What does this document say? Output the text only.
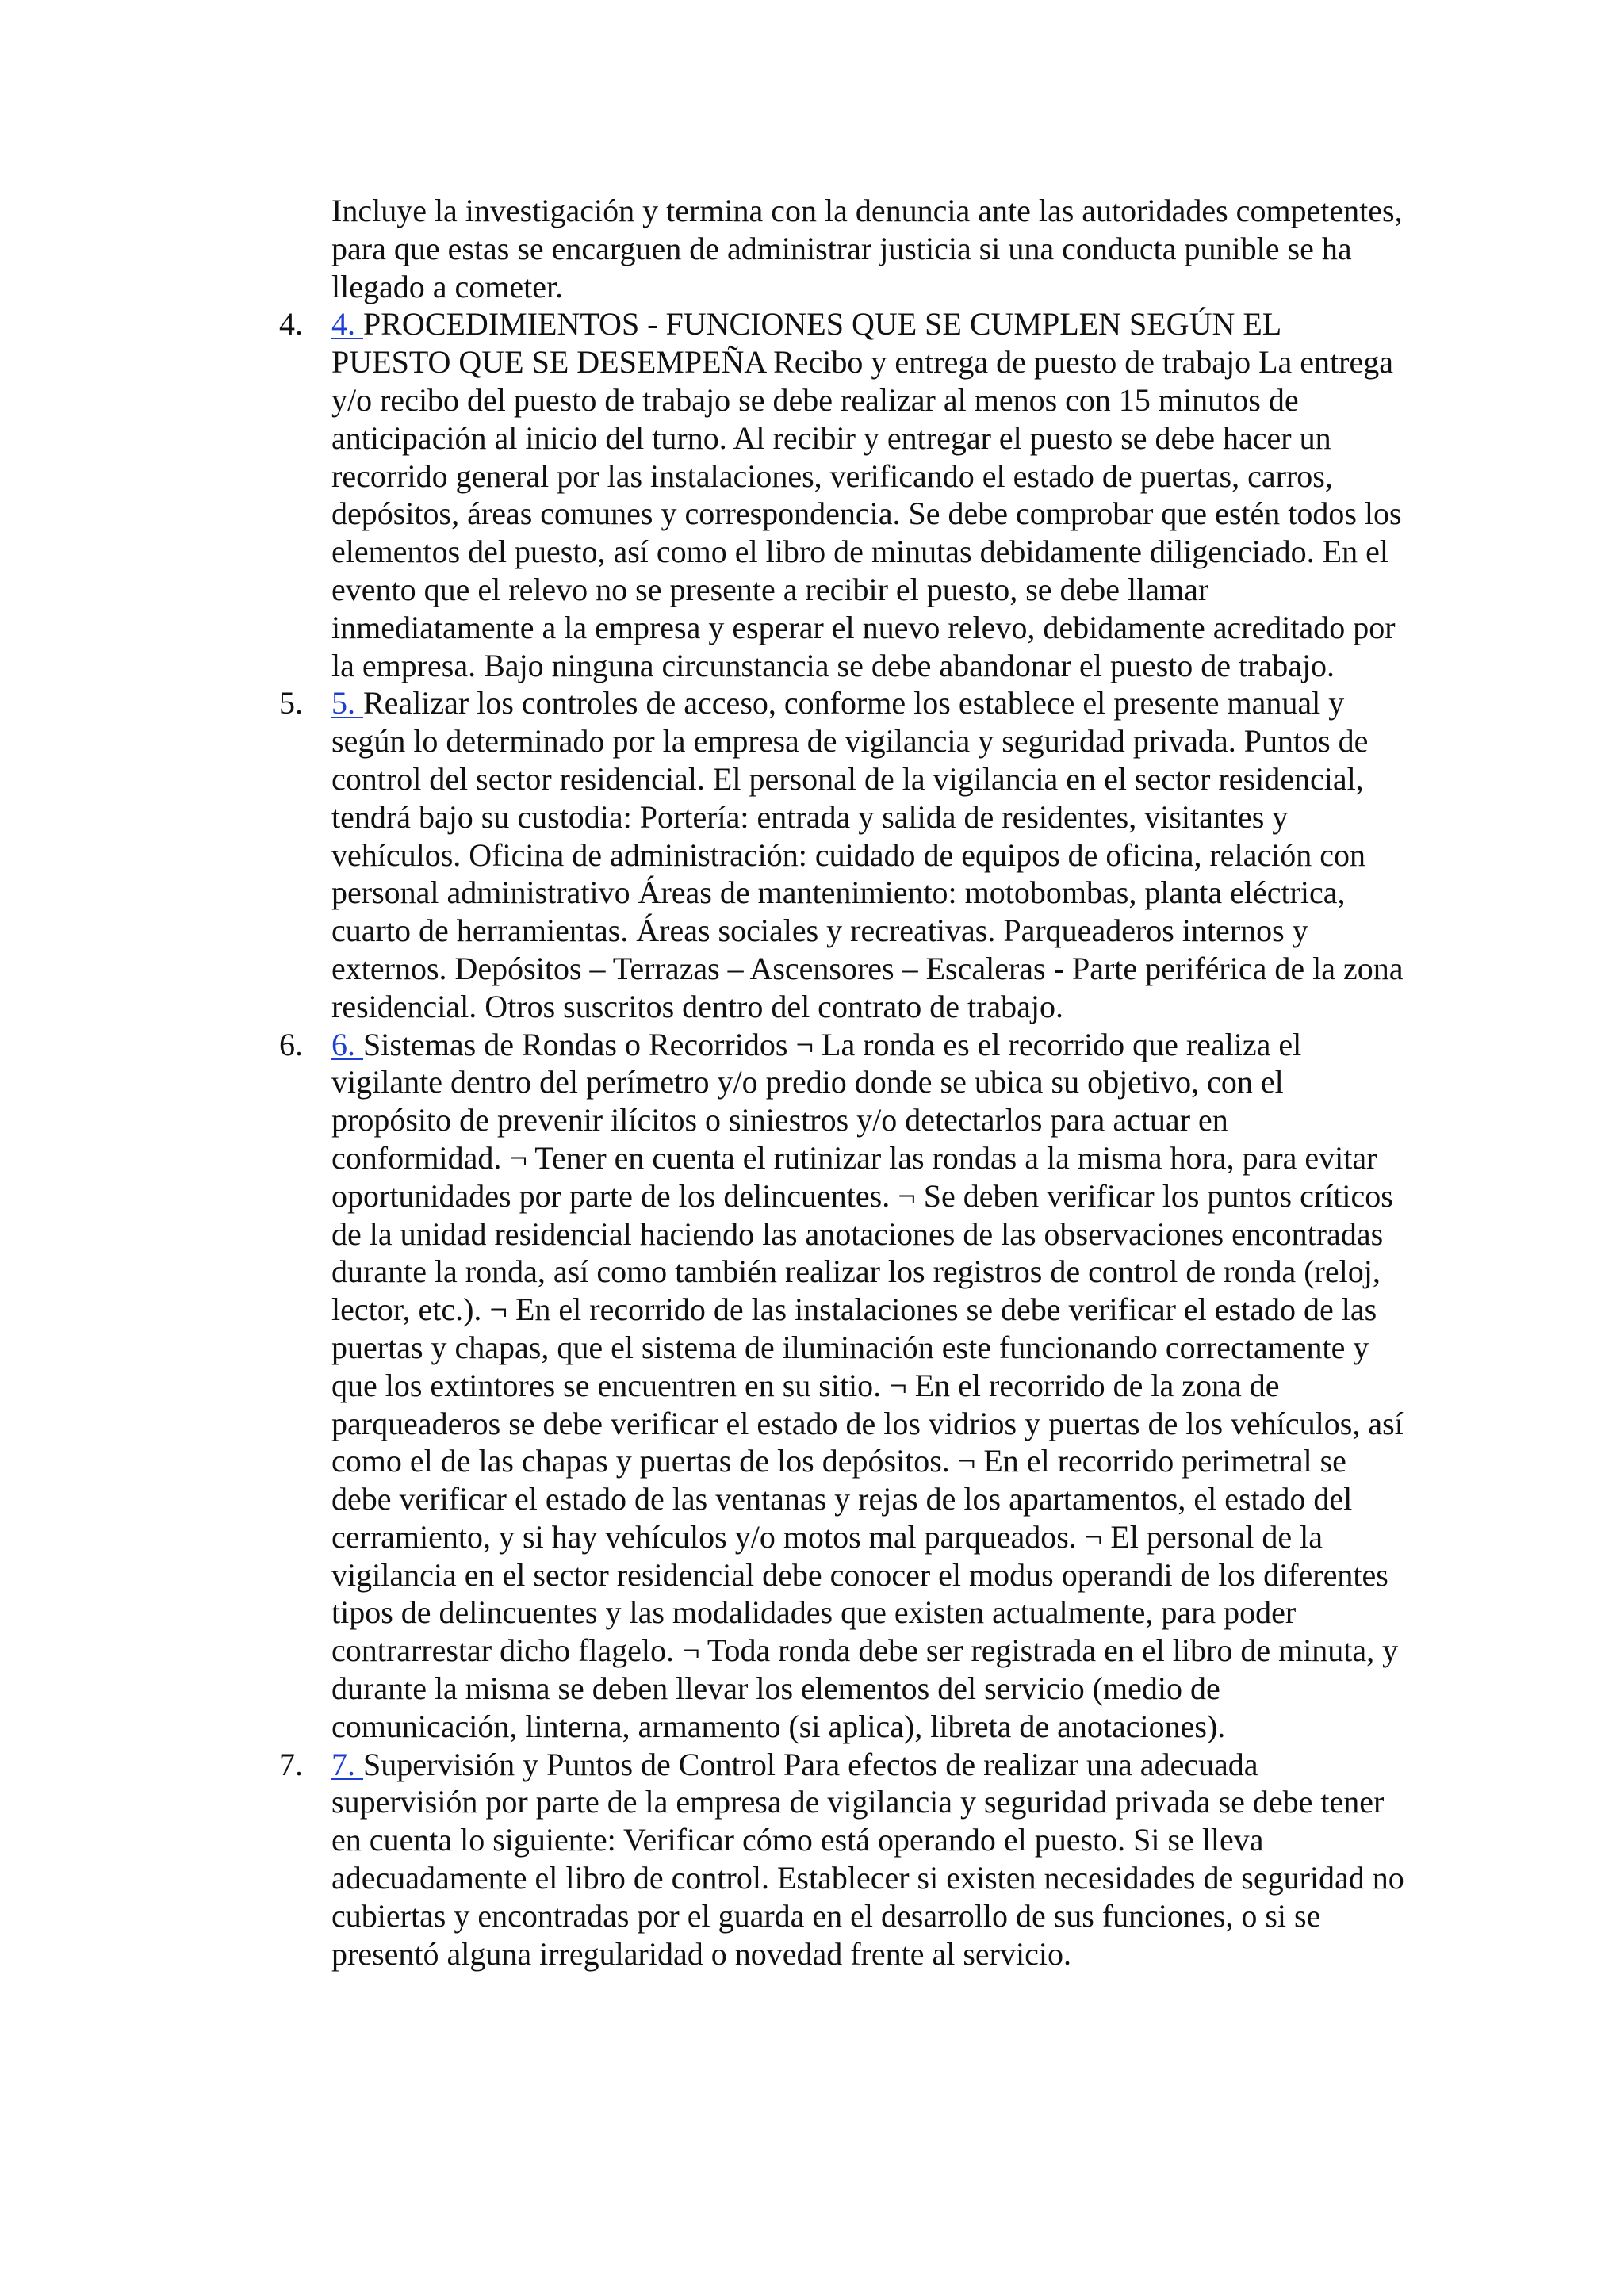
Incluye la investigación y termina con la denuncia ante las autoridades competentes, para que estas se encarguen de administrar justicia si una conducta punible se ha llegado a cometer.

4. 4. PROCEDIMIENTOS - FUNCIONES QUE SE CUMPLEN SEGÚN EL PUESTO QUE SE DESEMPEÑA Recibo y entrega de puesto de trabajo La entrega y/o recibo del puesto de trabajo se debe realizar al menos con 15 minutos de anticipación al inicio del turno. Al recibir y entregar el puesto se debe hacer un recorrido general por las instalaciones, verificando el estado de puertas, carros, depósitos, áreas comunes y correspondencia. Se debe comprobar que estén todos los elementos del puesto, así como el libro de minutas debidamente diligenciado. En el evento que el relevo no se presente a recibir el puesto, se debe llamar inmediatamente a la empresa y esperar el nuevo relevo, debidamente acreditado por la empresa. Bajo ninguna circunstancia se debe abandonar el puesto de trabajo.
5. 5. Realizar los controles de acceso, conforme los establece el presente manual y según lo determinado por la empresa de vigilancia y seguridad privada. Puntos de control del sector residencial. El personal de la vigilancia en el sector residencial, tendrá bajo su custodia: Portería: entrada y salida de residentes, visitantes y vehículos. Oficina de administración: cuidado de equipos de oficina, relación con personal administrativo Áreas de mantenimiento: motobombas, planta eléctrica, cuarto de herramientas. Áreas sociales y recreativas. Parqueaderos internos y externos. Depósitos – Terrazas – Ascensores – Escaleras - Parte periférica de la zona residencial. Otros suscritos dentro del contrato de trabajo.
6. 6. Sistemas de Rondas o Recorridos ¬ La ronda es el recorrido que realiza el vigilante dentro del perímetro y/o predio donde se ubica su objetivo, con el propósito de prevenir ilícitos o siniestros y/o detectarlos para actuar en conformidad. ¬ Tener en cuenta el rutinizar las rondas a la misma hora, para evitar oportunidades por parte de los delincuentes. ¬ Se deben verificar los puntos críticos de la unidad residencial haciendo las anotaciones de las observaciones encontradas durante la ronda, así como también realizar los registros de control de ronda (reloj, lector, etc.). ¬ En el recorrido de las instalaciones se debe verificar el estado de las puertas y chapas, que el sistema de iluminación este funcionando correctamente y que los extintores se encuentren en su sitio. ¬ En el recorrido de la zona de parqueaderos se debe verificar el estado de los vidrios y puertas de los vehículos, así como el de las chapas y puertas de los depósitos. ¬ En el recorrido perimetral se debe verificar el estado de las ventanas y rejas de los apartamentos, el estado del cerramiento, y si hay vehículos y/o motos mal parqueados. ¬ El personal de la vigilancia en el sector residencial debe conocer el modus operandi de los diferentes tipos de delincuentes y las modalidades que existen actualmente, para poder contrarrestar dicho flagelo. ¬ Toda ronda debe ser registrada en el libro de minuta, y durante la misma se deben llevar los elementos del servicio (medio de comunicación, linterna, armamento (si aplica), libreta de anotaciones).
7. 7. Supervisión y Puntos de Control Para efectos de realizar una adecuada supervisión por parte de la empresa de vigilancia y seguridad privada se debe tener en cuenta lo siguiente: Verificar cómo está operando el puesto. Si se lleva adecuadamente el libro de control. Establecer si existen necesidades de seguridad no cubiertas y encontradas por el guarda en el desarrollo de sus funciones, o si se presentó alguna irregularidad o novedad frente al servicio.
